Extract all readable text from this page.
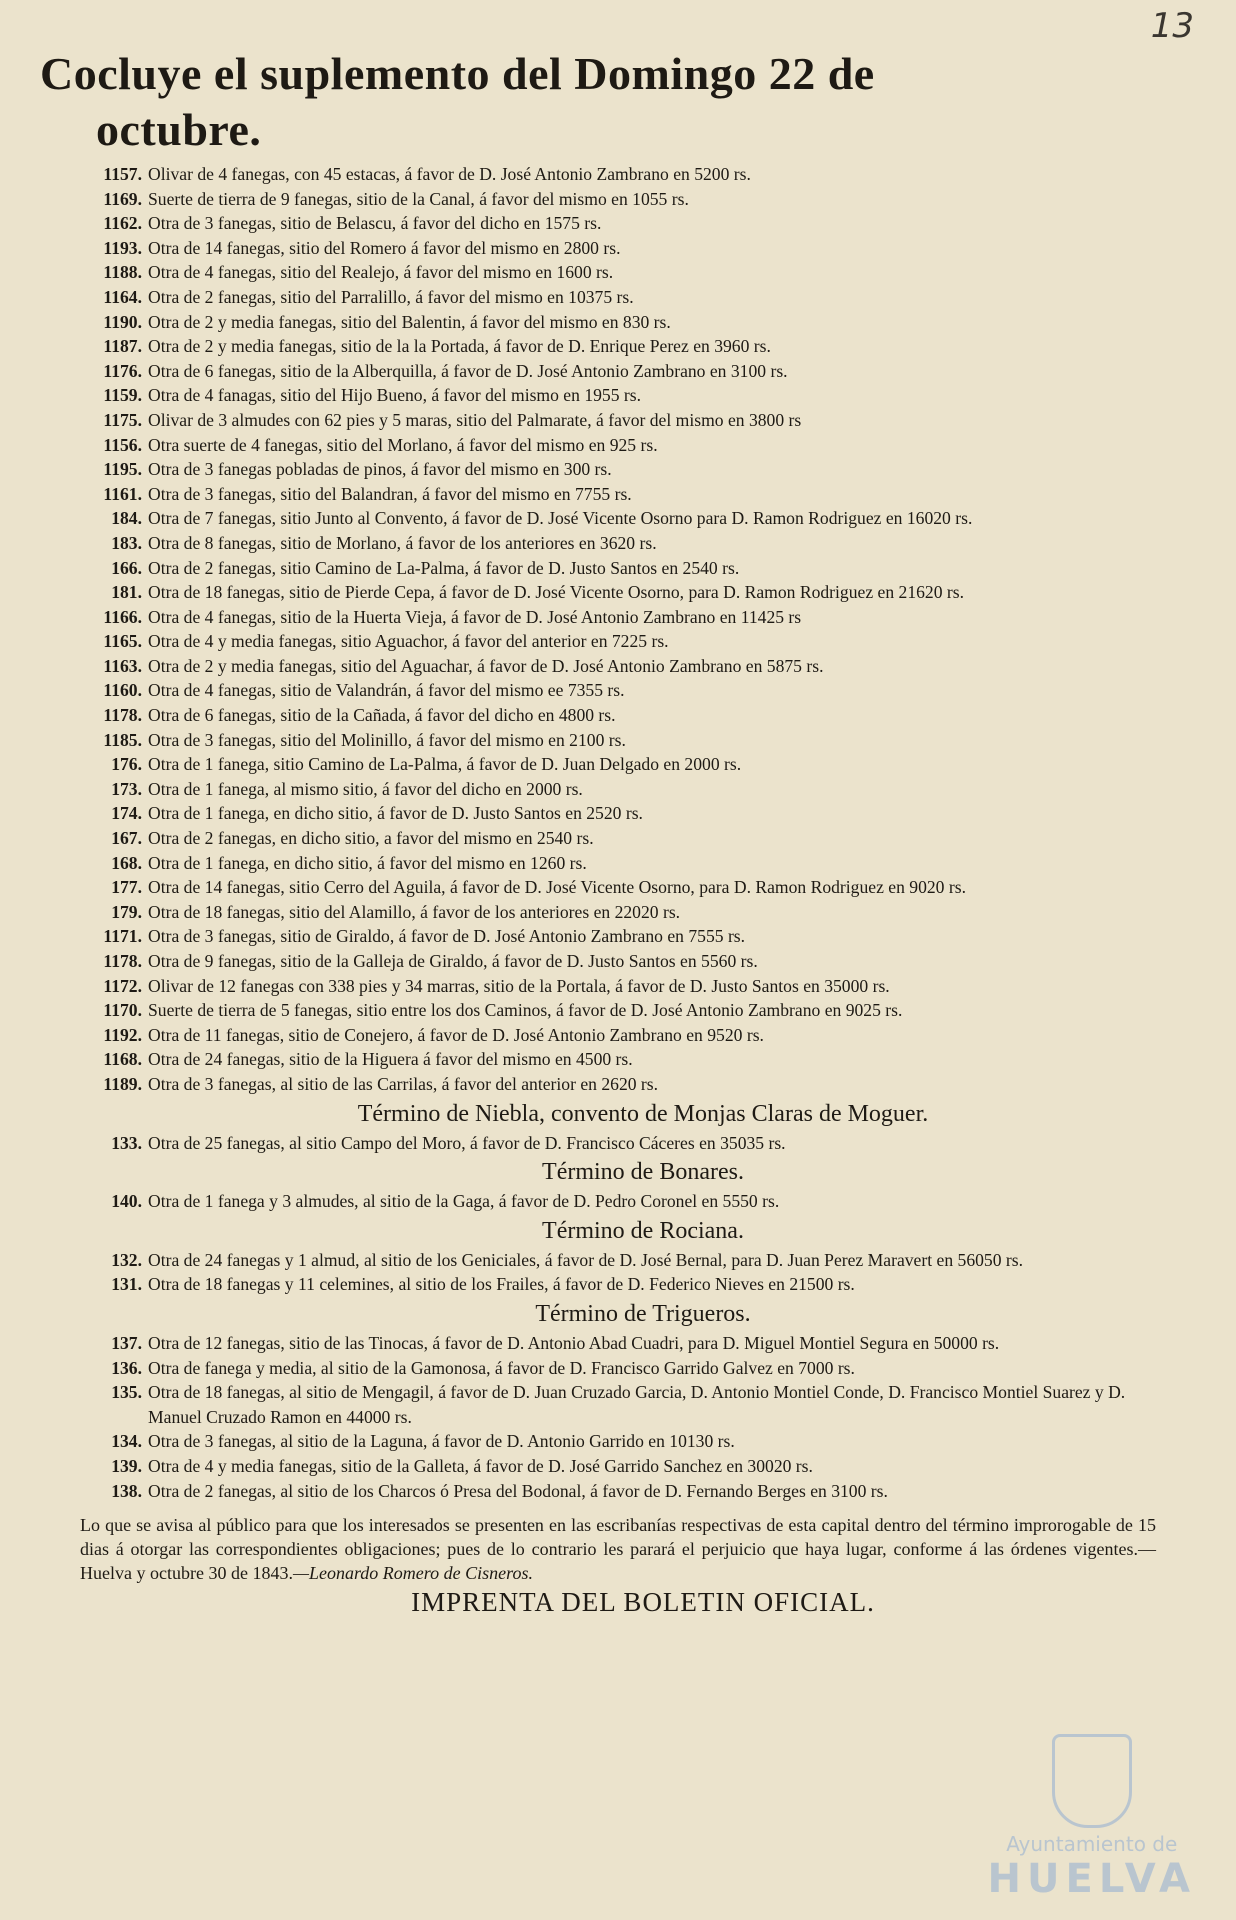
13
Cocluye el suplemento del Domingo 22 de
octubre.
1157. Olivar de 4 fanegas, con 45 estacas, á favor de D. José Antonio Zambrano en 5200 rs.
1169. Suerte de tierra de 9 fanegas, sitio de la Canal, á favor del mismo en 1055 rs.
1162. Otra de 3 fanegas, sitio de Belascu, á favor del dicho en 1575 rs.
1193. Otra de 14 fanegas, sitio del Romero á favor del mismo en 2800 rs.
1188. Otra de 4 fanegas, sitio del Realejo, á favor del mismo en 1600 rs.
1164. Otra de 2 fanegas, sitio del Parralillo, á favor del mismo en 10375 rs.
1190. Otra de 2 y media fanegas, sitio del Balentin, á favor del mismo en 830 rs.
1187. Otra de 2 y media fanegas, sitio de la la Portada, á favor de D. Enrique Perez en 3960 rs.
1176. Otra de 6 fanegas, sitio de la Alberquilla, á favor de D. José Antonio Zambrano en 3100 rs.
1159. Otra de 4 fanagas, sitio del Hijo Bueno, á favor del mismo en 1955 rs.
1175. Olivar de 3 almudes con 62 pies y 5 maras, sitio del Palmarate, á favor del mismo en 3800 rs
1156. Otra suerte de 4 fanegas, sitio del Morlano, á favor del mismo en 925 rs.
1195. Otra de 3 fanegas pobladas de pinos, á favor del mismo en 300 rs.
1161. Otra de 3 fanegas, sitio del Balandran, á favor del mismo en 7755 rs.
184. Otra de 7 fanegas, sitio Junto al Convento, á favor de D. José Vicente Osorno para D. Ramon Rodriguez en 16020 rs.
183. Otra de 8 fanegas, sitio de Morlano, á favor de los anteriores en 3620 rs.
166. Otra de 2 fanegas, sitio Camino de La-Palma, á favor de D. Justo Santos en 2540 rs.
181. Otra de 18 fanegas, sitio de Pierde Cepa, á favor de D. José Vicente Osorno, para D. Ramon Rodriguez en 21620 rs.
1166. Otra de 4 fanegas, sitio de la Huerta Vieja, á favor de D. José Antonio Zambrano en 11425 rs
1165. Otra de 4 y media fanegas, sitio Aguachor, á favor del anterior en 7225 rs.
1163. Otra de 2 y media fanegas, sitio del Aguachar, á favor de D. José Antonio Zambrano en 5875 rs.
1160. Otra de 4 fanegas, sitio de Valandrán, á favor del mismo ee 7355 rs.
1178. Otra de 6 fanegas, sitio de la Cañada, á favor del dicho en 4800 rs.
1185. Otra de 3 fanegas, sitio del Molinillo, á favor del mismo en 2100 rs.
176. Otra de 1 fanega, sitio Camino de La-Palma, á favor de D. Juan Delgado en 2000 rs.
173. Otra de 1 fanega, al mismo sitio, á favor del dicho en 2000 rs.
174. Otra de 1 fanega, en dicho sitio, á favor de D. Justo Santos en 2520 rs.
167. Otra de 2 fanegas, en dicho sitio, a favor del mismo en 2540 rs.
168. Otra de 1 fanega, en dicho sitio, á favor del mismo en 1260 rs.
177. Otra de 14 fanegas, sitio Cerro del Aguila, á favor de D. José Vicente Osorno, para D. Ramon Rodriguez en 9020 rs.
179. Otra de 18 fanegas, sitio del Alamillo, á favor de los anteriores en 22020 rs.
1171. Otra de 3 fanegas, sitio de Giraldo, á favor de D. José Antonio Zambrano en 7555 rs.
1178. Otra de 9 fanegas, sitio de la Galleja de Giraldo, á favor de D. Justo Santos en 5560 rs.
1172. Olivar de 12 fanegas con 338 pies y 34 marras, sitio de la Portala, á favor de D. Justo Santos en 35000 rs.
1170. Suerte de tierra de 5 fanegas, sitio entre los dos Caminos, á favor de D. José Antonio Zambrano en 9025 rs.
1192. Otra de 11 fanegas, sitio de Conejero, á favor de D. José Antonio Zambrano en 9520 rs.
1168. Otra de 24 fanegas, sitio de la Higuera á favor del mismo en 4500 rs.
1189. Otra de 3 fanegas, al sitio de las Carrilas, á favor del anterior en 2620 rs.
Término de Niebla, convento de Monjas Claras de Moguer.
133. Otra de 25 fanegas, al sitio Campo del Moro, á favor de D. Francisco Cáceres en 35035 rs.
Término de Bonares.
140. Otra de 1 fanega y 3 almudes, al sitio de la Gaga, á favor de D. Pedro Coronel en 5550 rs.
Término de Rociana.
132. Otra de 24 fanegas y 1 almud, al sitio de los Geniciales, á favor de D. José Bernal, para D. Juan Perez Maravert en 56050 rs.
131. Otra de 18 fanegas y 11 celemines, al sitio de los Frailes, á favor de D. Federico Nieves en 21500 rs.
Término de Trigueros.
137. Otra de 12 fanegas, sitio de las Tinocas, á favor de D. Antonio Abad Cuadri, para D. Miguel Montiel Segura en 50000 rs.
136. Otra de fanega y media, al sitio de la Gamonosa, á favor de D. Francisco Garrido Galvez en 7000 rs.
135. Otra de 18 fanegas, al sitio de Mengagil, á favor de D. Juan Cruzado Garcia, D. Antonio Montiel Conde, D. Francisco Montiel Suarez y D. Manuel Cruzado Ramon en 44000 rs.
134. Otra de 3 fanegas, al sitio de la Laguna, á favor de D. Antonio Garrido en 10130 rs.
139. Otra de 4 y media fanegas, sitio de la Galleta, á favor de D. José Garrido Sanchez en 30020 rs.
138. Otra de 2 fanegas, al sitio de los Charcos ó Presa del Bodonal, á favor de D. Fernando Berges en 3100 rs.

Lo que se avisa al público para que los interesados se presenten en las escribanías respectivas de esta capital dentro del término improrogable de 15 dias á otorgar las correspondientes obligaciones; pues de lo contrario les parará el perjuicio que haya lugar, conforme á las órdenes vigentes.—Huelva y octubre 30 de 1843.—Leonardo Romero de Cisneros.

IMPRENTA DEL BOLETIN OFICIAL.
Ayuntamiento de
HUELVA
